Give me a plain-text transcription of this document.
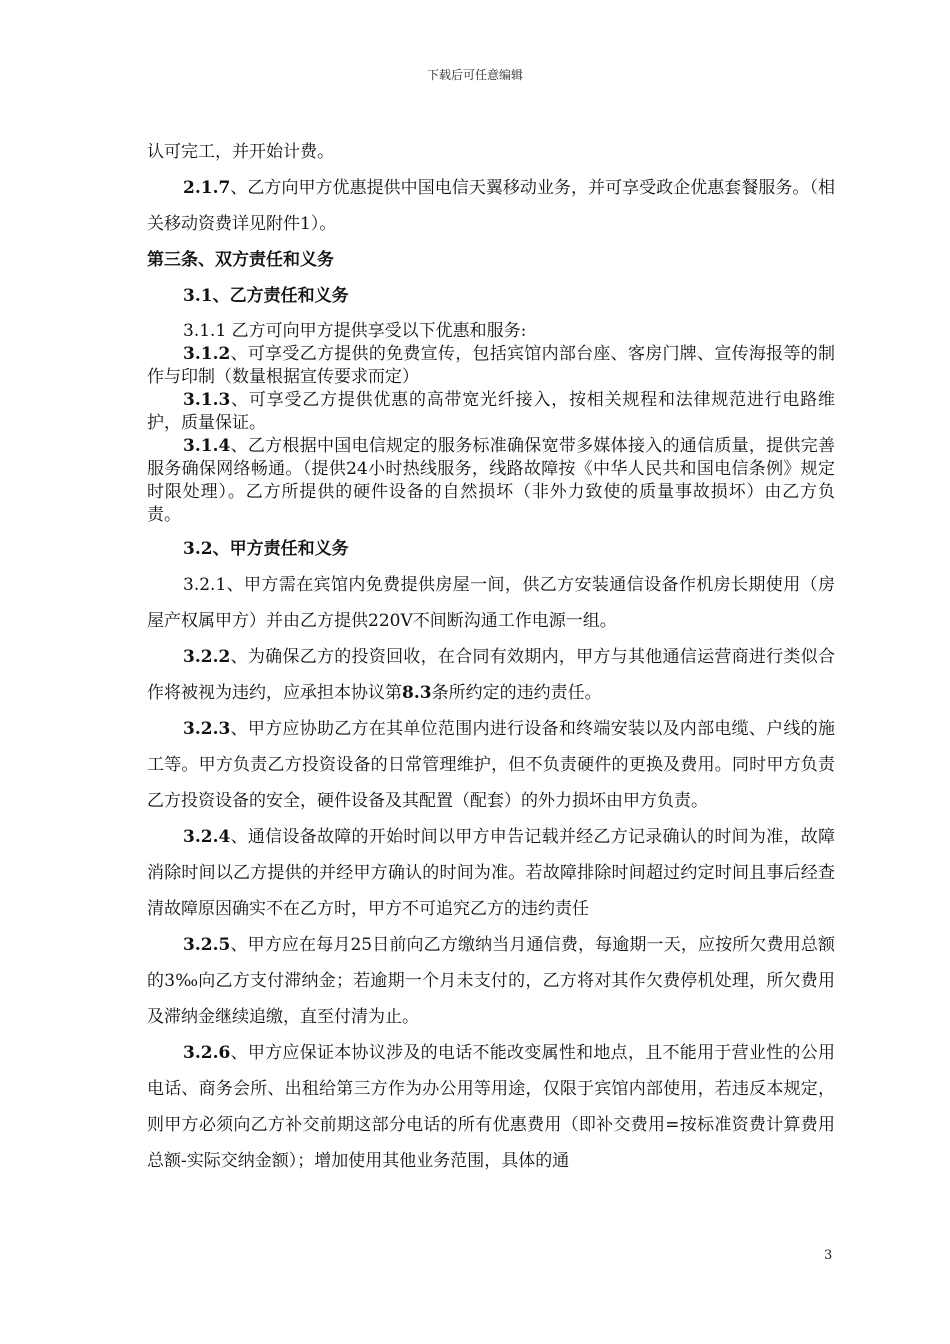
下载后可任意编辑

认可完工，并开始计费。

2.1.7、乙方向甲方优惠提供中国电信天翼移动业务，并可享受政企优惠套餐服务。（相关移动资费详见附件1）。

第三条、双方责任和义务

3.1、乙方责任和义务

3.1.1 乙方可向甲方提供享受以下优惠和服务:

3.1.2、可享受乙方提供的免费宣传，包括宾馆内部台座、客房门牌、宣传海报等的制作与印制（数量根据宣传要求而定）

3.1.3、可享受乙方提供优惠的高带宽光纤接入，按相关规程和法律规范进行电路维护，质量保证。

3.1.4、乙方根据中国电信规定的服务标准确保宽带多媒体接入的通信质量，提供完善服务确保网络畅通。（提供24小时热线服务，线路故障按《中华人民共和国电信条例》规定时限处理）。乙方所提供的硬件设备的自然损坏（非外力致使的质量事故损坏）由乙方负责。

3.2、甲方责任和义务

3.2.1、甲方需在宾馆内免费提供房屋一间，供乙方安装通信设备作机房长期使用（房屋产权属甲方）并由乙方提供220V不间断沟通工作电源一组。

3.2.2、为确保乙方的投资回收，在合同有效期内，甲方与其他通信运营商进行类似合作将被视为违约，应承担本协议第8.3条所约定的违约责任。

3.2.3、甲方应协助乙方在其单位范围内进行设备和终端安装以及内部电缆、户线的施工等。甲方负责乙方投资设备的日常管理维护，但不负责硬件的更换及费用。同时甲方负责乙方投资设备的安全，硬件设备及其配置（配套）的外力损坏由甲方负责。

3.2.4、通信设备故障的开始时间以甲方申告记载并经乙方记录确认的时间为准，故障消除时间以乙方提供的并经甲方确认的时间为准。若故障排除时间超过约定时间且事后经查清故障原因确实不在乙方时，甲方不可追究乙方的违约责任

3.2.5、甲方应在每月25日前向乙方缴纳当月通信费，每逾期一天，应按所欠费用总额的3‰向乙方支付滞纳金；若逾期一个月未支付的，乙方将对其作欠费停机处理，所欠费用及滞纳金继续追缴，直至付清为止。

3.2.6、甲方应保证本协议涉及的电话不能改变属性和地点，且不能用于营业性的公用电话、商务会所、出租给第三方作为办公用等用途，仅限于宾馆内部使用，若违反本规定，则甲方必须向乙方补交前期这部分电话的所有优惠费用（即补交费用=按标准资费计算费用总额-实际交纳金额）；增加使用其他业务范围，具体的通

3
